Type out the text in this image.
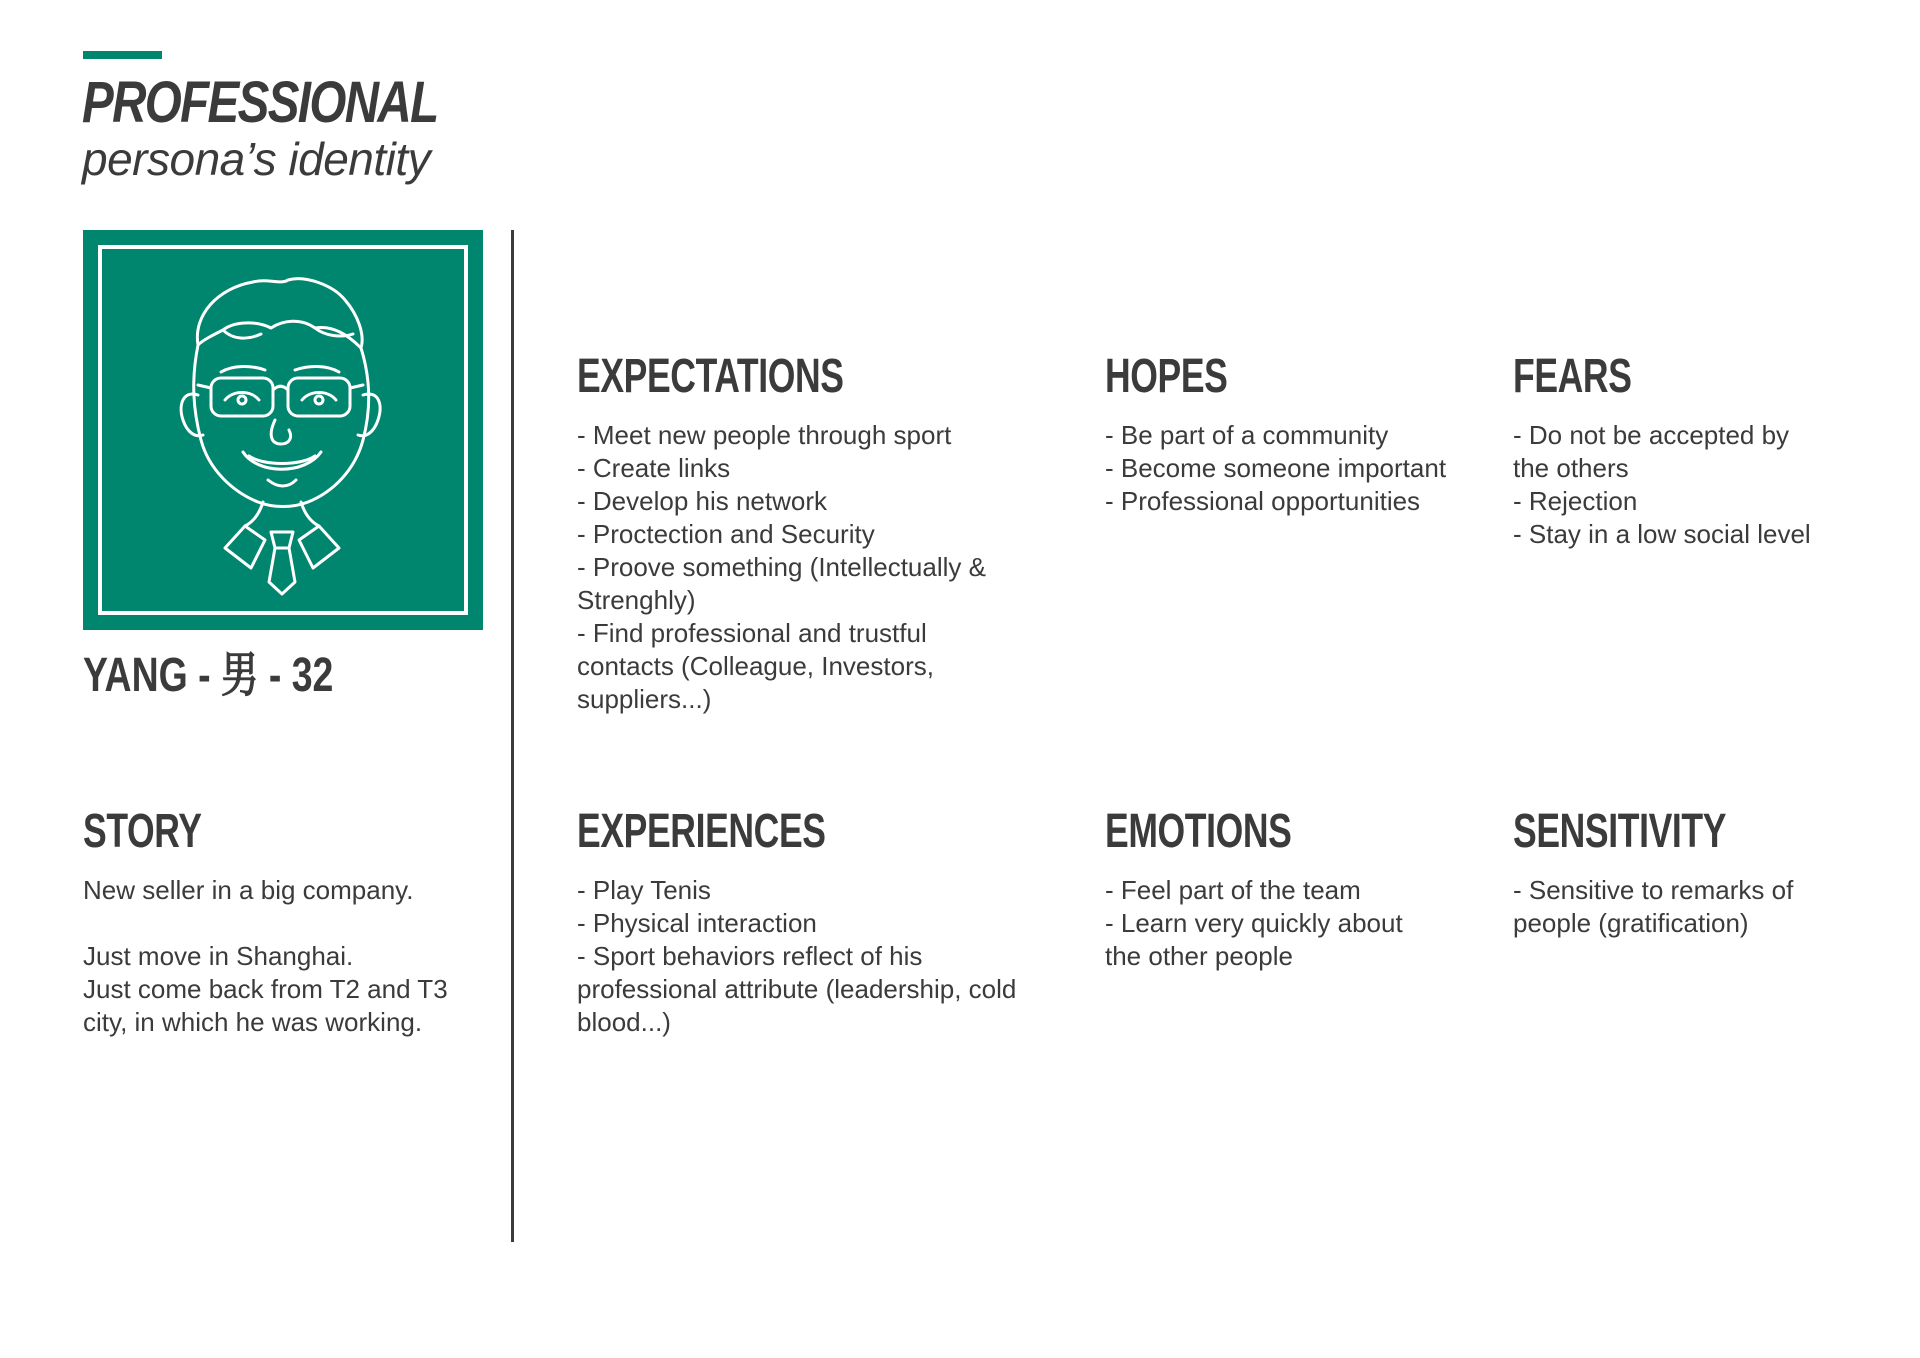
PROFESSIONAL
persona’s identity
YANG - 男 - 32
STORY
New seller in a big company.
Just move in Shanghai.
Just come back from T2 and T3
city, in which he was working.
EXPECTATIONS
- Meet new people through sport
- Create links
- Develop his network
- Proctection and Security
- Proove something (Intellectually &
Strenghly)
- Find professional and trustful
contacts (Colleague, Investors,
suppliers...)
HOPES
- Be part of a community
- Become someone important
- Professional opportunities
FEARS
- Do not be accepted by
the others
- Rejection
- Stay in a low social level
EXPERIENCES
- Play Tenis
- Physical interaction
- Sport behaviors reflect of his
professional attribute (leadership, cold
blood...)
EMOTIONS
- Feel part of the team
- Learn very quickly about
the other people
SENSITIVITY
- Sensitive to remarks of
people (gratification)
